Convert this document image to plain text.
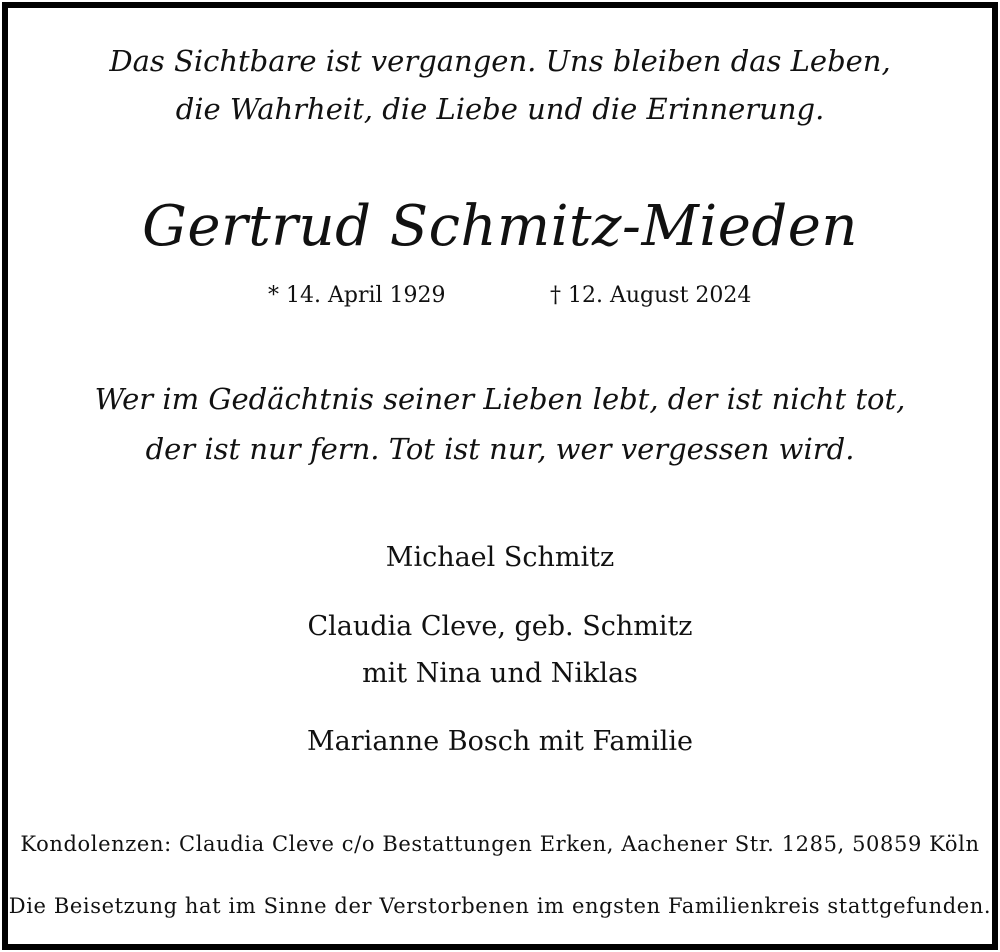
Das Sichtbare ist vergangen. Uns bleiben das Leben,
die Wahrheit, die Liebe und die Erinnerung.
Gertrud Schmitz-Mieden
* 14. April 1929	† 12. August 2024
Wer im Gedächtnis seiner Lieben lebt, der ist nicht tot,
der ist nur fern. Tot ist nur, wer vergessen wird.
Michael Schmitz
Claudia Cleve, geb. Schmitz
mit Nina und Niklas
Marianne Bosch mit Familie
Kondolenzen: Claudia Cleve c/o Bestattungen Erken, Aachener Str. 1285, 50859 Köln
Die Beisetzung hat im Sinne der Verstorbenen im engsten Familienkreis stattgefunden.
